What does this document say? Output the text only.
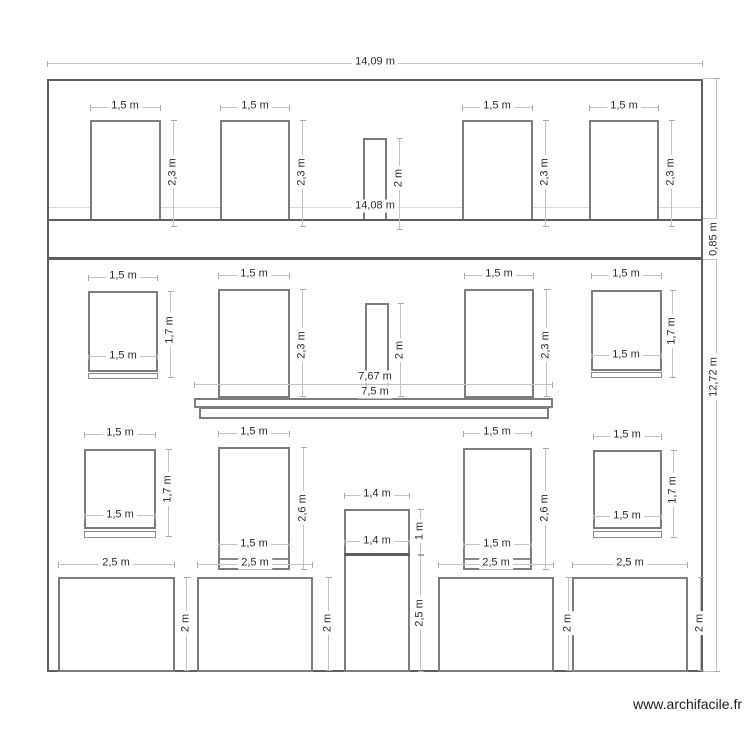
14,09 m
14,08 m
0,85 m
12,72 m
1,5 m	1,5 m	1,5 m	1,5 m
2,3 m	2,3 m	2 m	2,3 m	2,3 m
1,5 m	1,5 m	1,5 m	1,5 m
1,5 m	1,5 m
1,7 m
2,3 m	2 m	2,3 m
1,7 m
7,67 m
7,5 m
1,5 m	1,5 m	1,5 m	1,5 m
1,4 m
1,5 m
1,5 m	1,5 m
1,5 m
1,4 m
1,7 m
2,6 m	2,6 m
1,7 m
1 m
2,5 m
2,5 m	2,5 m	2,5 m	2,5 m
2 m	2 m	2 m	2 m
www.archifacile.fr
